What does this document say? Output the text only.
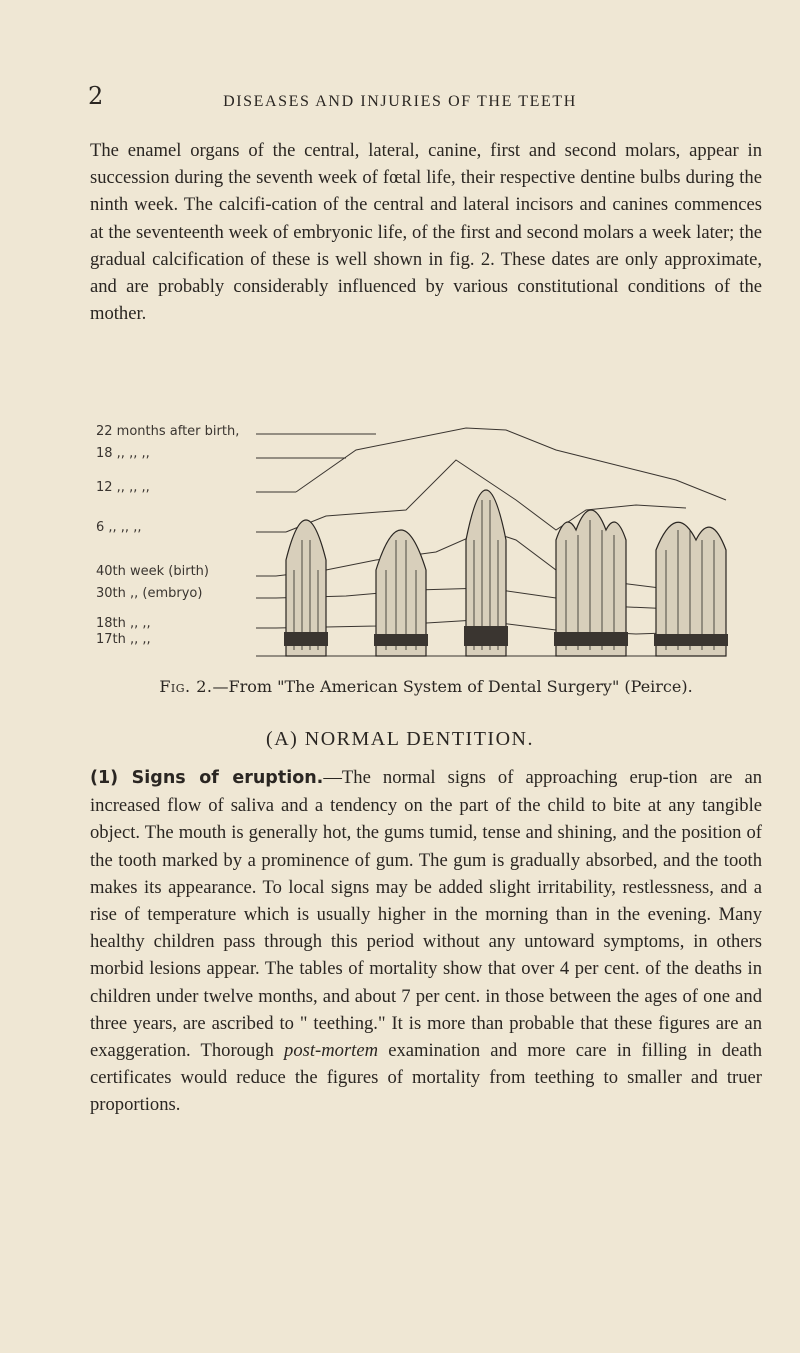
2	DISEASES AND INJURIES OF THE TEETH

The enamel organs of the central, lateral, canine, first and second molars, appear in succession during the seventh week of fœtal life, their respective dentine bulbs during the ninth week. The calcifi-cation of the central and lateral incisors and canines commences at the seventeenth week of embryonic life, of the first and second molars a week later; the gradual calcification of these is well shown in fig. 2. These dates are only approximate, and are probably considerably influenced by various constitutional conditions of the mother.

22 months after birth,
18 ,, ,, ,,
12 ,, ,, ,,
6 ,, ,, ,,
40th week (birth)
30th ,, (embryo)
18th ,, ,,
17th ,, ,,
Fig. 2.—From "The American System of Dental Surgery" (Peirce).
(A) NORMAL DENTITION.

(1) Signs of eruption.—The normal signs of approaching erup-tion are an increased flow of saliva and a tendency on the part of the child to bite at any tangible object. The mouth is generally hot, the gums tumid, tense and shining, and the position of the tooth marked by a prominence of gum. The gum is gradually absorbed, and the tooth makes its appearance. To local signs may be added slight irritability, restlessness, and a rise of temperature which is usually higher in the morning than in the evening. Many healthy children pass through this period without any untoward symptoms, in others morbid lesions appear. The tables of mortality show that over 4 per cent. of the deaths in children under twelve months, and about 7 per cent. in those between the ages of one and three years, are ascribed to " teething." It is more than probable that these figures are an exaggeration. Thorough post-mortem examination and more care in filling in death certificates would reduce the figures of mortality from teething to smaller and truer proportions.
